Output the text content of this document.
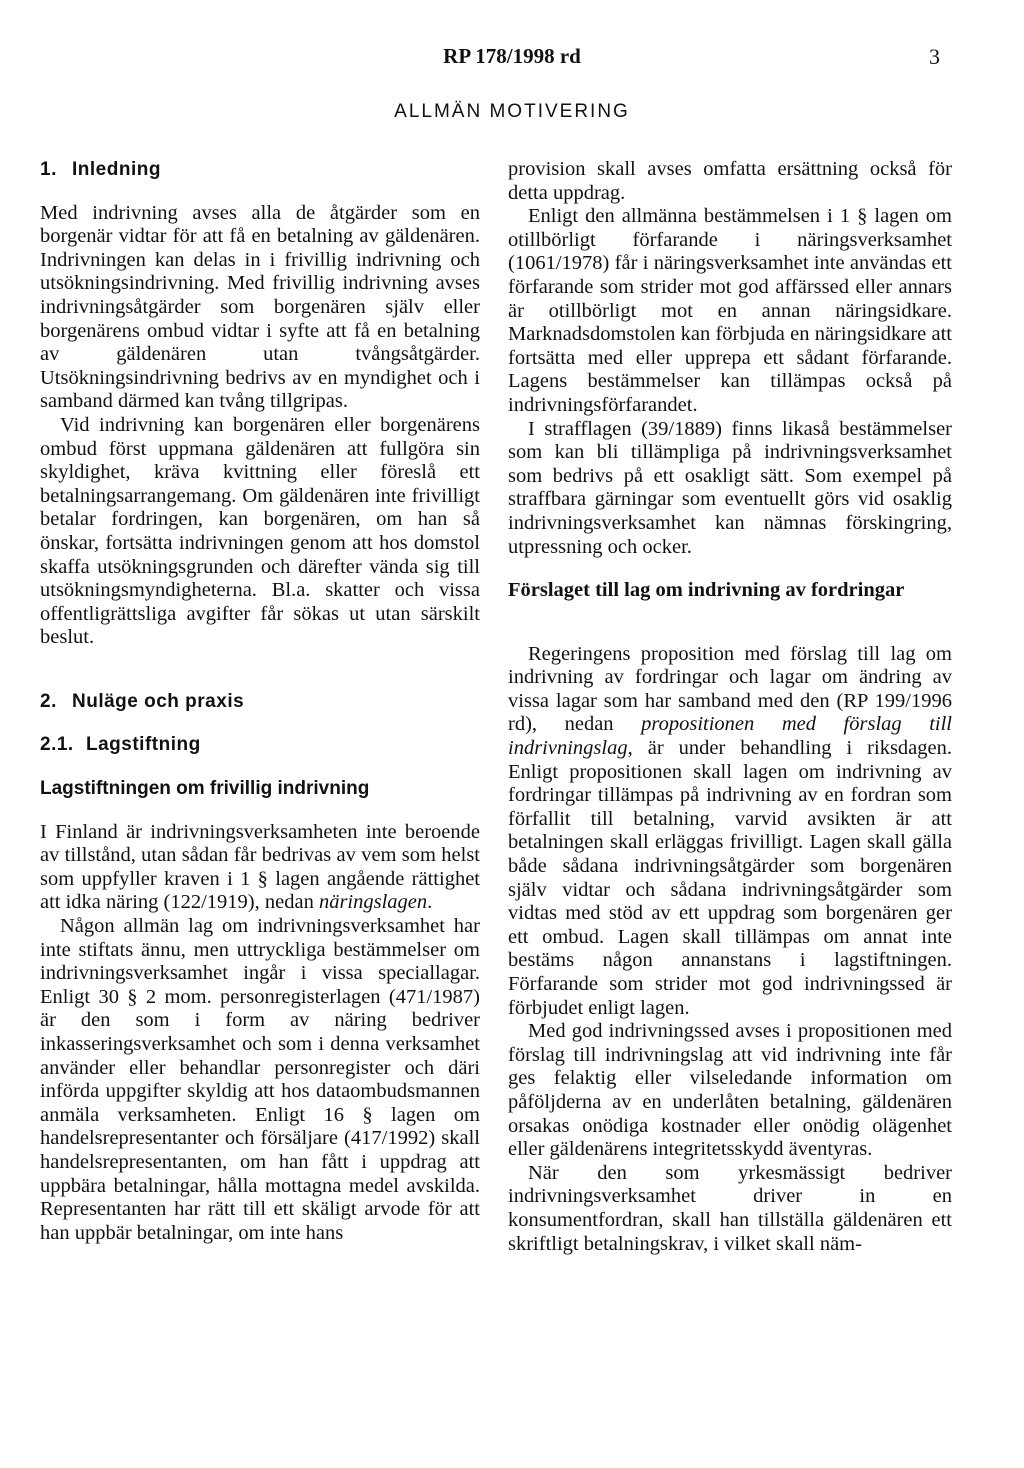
RP 178/1998 rd	3
ALLMÄN MOTIVERING
1. Inledning

Med indrivning avses alla de åtgärder som en borgenär vidtar för att få en betalning av gäldenären. Indrivningen kan delas in i frivillig indrivning och utsökningsindrivning. Med frivillig indrivning avses indrivningsåtgärder som borgenären själv eller borgenärens ombud vidtar i syfte att få en betalning av gäldenären utan tvångsåtgärder. Utsökningsindrivning bedrivs av en myndighet och i samband därmed kan tvång tillgripas.

Vid indrivning kan borgenären eller borgenärens ombud först uppmana gäldenären att fullgöra sin skyldighet, kräva kvittning eller föreslå ett betalningsarrangemang. Om gäldenären inte frivilligt betalar fordringen, kan borgenären, om han så önskar, fortsätta indrivningen genom att hos domstol skaffa utsökningsgrunden och därefter vända sig till utsökningsmyndigheterna. Bl.a. skatter och vissa offentligrättsliga avgifter får sökas ut utan särskilt beslut.

2. Nuläge och praxis
2.1. Lagstiftning
Lagstiftningen om frivillig indrivning

I Finland är indrivningsverksamheten inte beroende av tillstånd, utan sådan får bedrivas av vem som helst som uppfyller kraven i 1 § lagen angående rättighet att idka näring (122/1919), nedan näringslagen.

Någon allmän lag om indrivningsverksamhet har inte stiftats ännu, men uttryckliga bestämmelser om indrivningsverksamhet ingår i vissa speciallagar. Enligt 30 § 2 mom. personregisterlagen (471/1987) är den som i form av näring bedriver inkasseringsverksamhet och som i denna verksamhet använder eller behandlar personregister och däri införda uppgifter skyldig att hos dataombudsmannen anmäla verksamheten. Enligt 16 § lagen om handelsrepresentanter och försäljare (417/1992) skall handelsrepresentanten, om han fått i uppdrag att uppbära betalningar, hålla mottagna medel avskilda. Representanten har rätt till ett skäligt arvode för att han uppbär betalningar, om inte hans

provision skall avses omfatta ersättning också för detta uppdrag.

Enligt den allmänna bestämmelsen i 1 § lagen om otillbörligt förfarande i näringsverksamhet (1061/1978) får i näringsverksamhet inte användas ett förfarande som strider mot god affärssed eller annars är otillbörligt mot en annan näringsidkare. Marknadsdomstolen kan förbjuda en näringsidkare att fortsätta med eller upprepa ett sådant förfarande. Lagens bestämmelser kan tillämpas också på indrivningsförfarandet.

I strafflagen (39/1889) finns likaså bestämmelser som kan bli tillämpliga på indrivningsverksamhet som bedrivs på ett osakligt sätt. Som exempel på straffbara gärningar som eventuellt görs vid osaklig indrivningsverksamhet kan nämnas förskingring, utpressning och ocker.

Förslaget till lag om indrivning av fordringar

Regeringens proposition med förslag till lag om indrivning av fordringar och lagar om ändring av vissa lagar som har samband med den (RP 199/1996 rd), nedan propositionen med förslag till indrivningslag, är under behandling i riksdagen. Enligt propositionen skall lagen om indrivning av fordringar tillämpas på indrivning av en fordran som förfallit till betalning, varvid avsikten är att betalningen skall erläggas frivilligt. Lagen skall gälla både sådana indrivningsåtgärder som borgenären själv vidtar och sådana indrivningsåtgärder som vidtas med stöd av ett uppdrag som borgenären ger ett ombud. Lagen skall tillämpas om annat inte bestäms någon annanstans i lagstiftningen. Förfarande som strider mot god indrivningssed är förbjudet enligt lagen.

Med god indrivningssed avses i propositionen med förslag till indrivningslag att vid indrivning inte får ges felaktig eller vilseledande information om påföljderna av en underlåten betalning, gäldenären orsakas onödiga kostnader eller onödig olägenhet eller gäldenärens integritetsskydd äventyras.

När den som yrkesmässigt bedriver indrivningsverksamhet driver in en konsumentfordran, skall han tillställa gäldenären ett skriftligt betalningskrav, i vilket skall näm-
